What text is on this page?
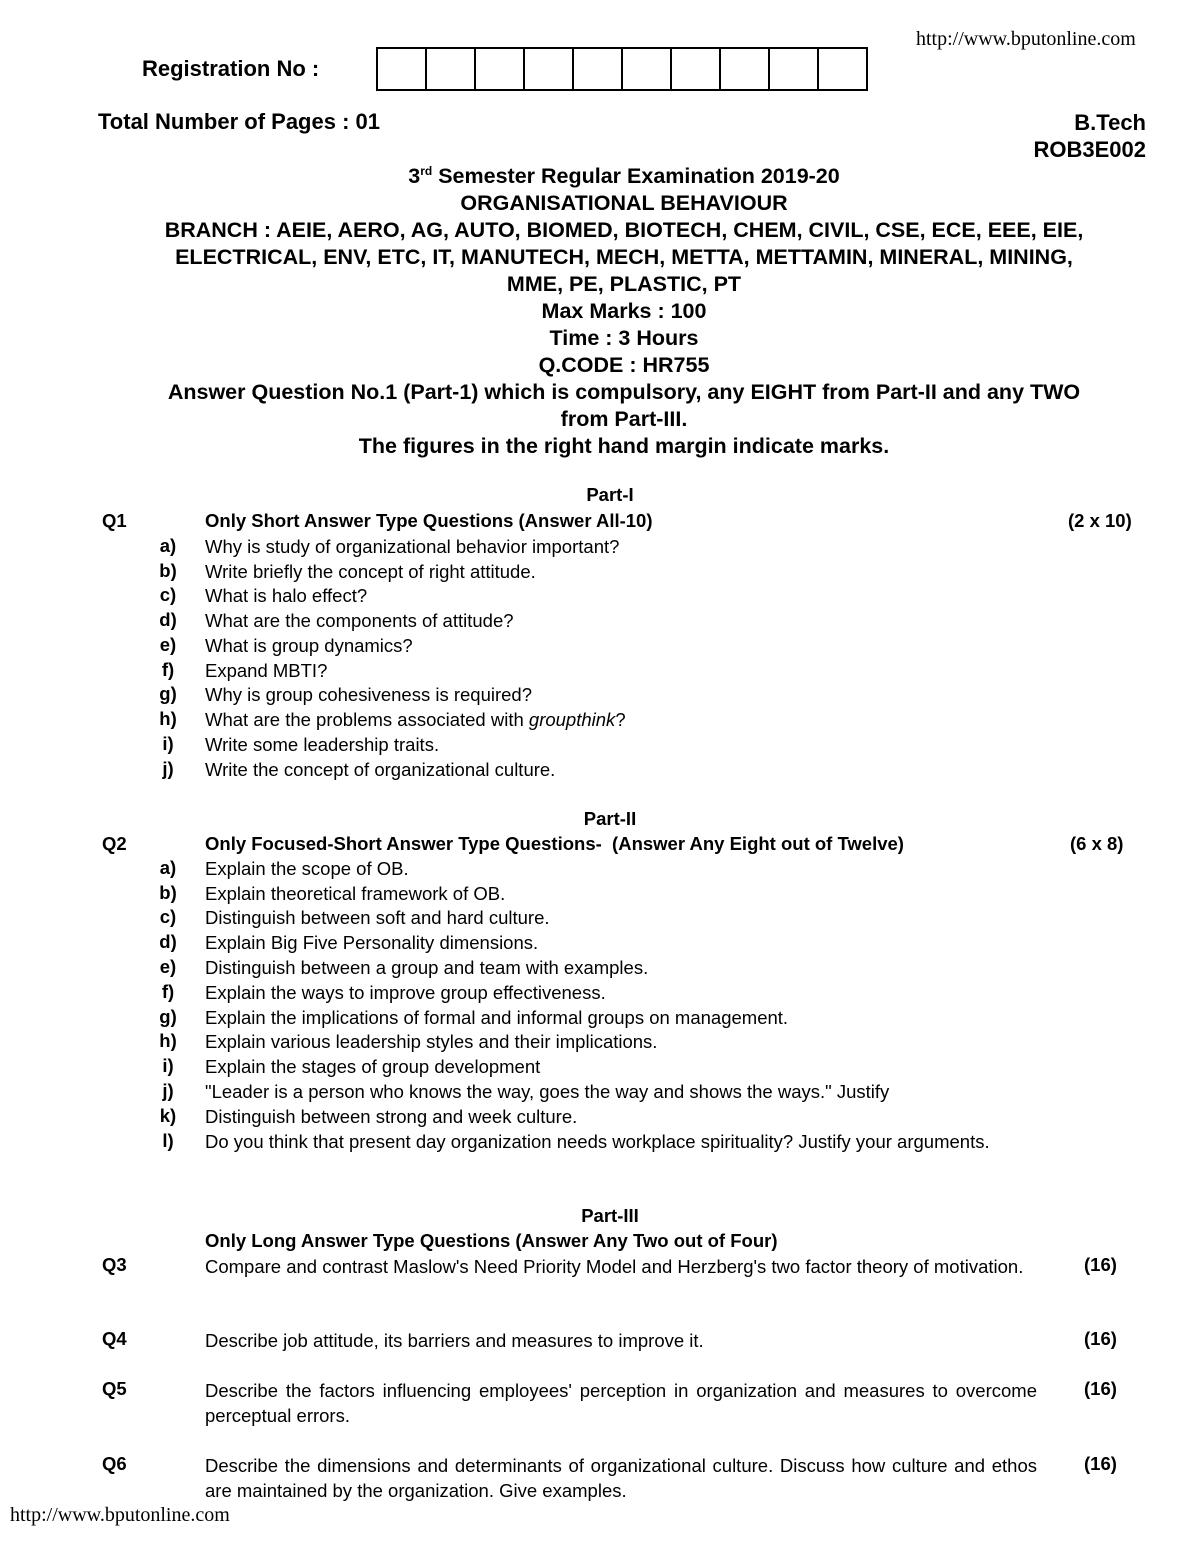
http://www.bputonline.com
Registration No :
Total Number of Pages : 01	B.Tech
ROB3E002
3rd Semester Regular Examination 2019-20
ORGANISATIONAL BEHAVIOUR
BRANCH : AEIE, AERO, AG, AUTO, BIOMED, BIOTECH, CHEM, CIVIL, CSE, ECE, EEE, EIE,
ELECTRICAL, ENV, ETC, IT, MANUTECH, MECH, METTA, METTAMIN, MINERAL, MINING,
MME, PE, PLASTIC, PT
Max Marks : 100
Time : 3 Hours
Q.CODE : HR755
Answer Question No.1 (Part-1) which is compulsory, any EIGHT from Part-II and any TWO
from Part-III.
The figures in the right hand margin indicate marks.
Part-I
Q1	Only Short Answer Type Questions (Answer All-10)	(2 x 10)
a) Why is study of organizational behavior important?
b) Write briefly the concept of right attitude.
c) What is halo effect?
d) What are the components of attitude?
e) What is group dynamics?
f) Expand MBTI?
g) Why is group cohesiveness is required?
h) What are the problems associated with groupthink?
i) Write some leadership traits.
j) Write the concept of organizational culture.
Part-II
Q2	Only Focused-Short Answer Type Questions-  (Answer Any Eight out of Twelve)	(6 x 8)
a) Explain the scope of OB.
b) Explain theoretical framework of OB.
c) Distinguish between soft and hard culture.
d) Explain Big Five Personality dimensions.
e) Distinguish between a group and team with examples.
f) Explain the ways to improve group effectiveness.
g) Explain the implications of formal and informal groups on management.
h) Explain various leadership styles and their implications.
i) Explain the stages of group development
j) "Leader is a person who knows the way, goes the way and shows the ways." Justify
k) Distinguish between strong and week culture.
l) Do you think that present day organization needs workplace spirituality? Justify your arguments.
Part-III
Only Long Answer Type Questions (Answer Any Two out of Four)
Q3	Compare and contrast Maslow's Need Priority Model and Herzberg's two factor theory of motivation.	(16)
Q4	Describe job attitude, its barriers and measures to improve it.	(16)
Q5	Describe the factors influencing employees' perception in organization and measures to overcome perceptual errors.
(16)
Q6	Describe the dimensions and determinants of organizational culture. Discuss how culture and ethos are maintained by the organization. Give examples.
(16)
http://www.bputonline.com
